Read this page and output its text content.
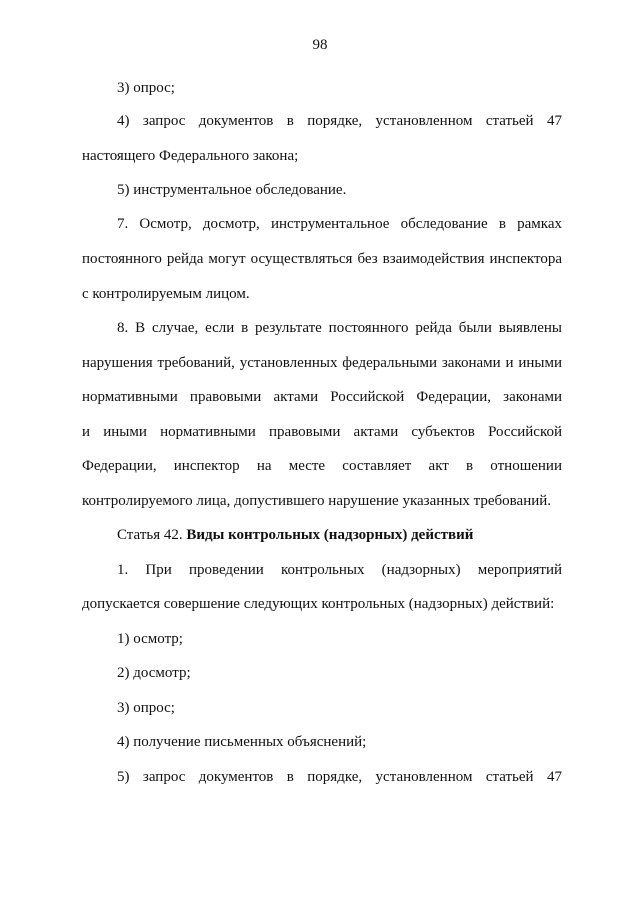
98
3) опрос;
4) запрос документов в порядке, установленном статьей 47
настоящего Федерального закона;
5) инструментальное обследование.
7. Осмотр, досмотр, инструментальное обследование в рамках
постоянного рейда могут осуществляться без взаимодействия инспектора
с контролируемым лицом.
8. В случае, если в результате постоянного рейда были выявлены
нарушения требований, установленных федеральными законами и иными
нормативными правовыми актами Российской Федерации, законами
и иными нормативными правовыми актами субъектов Российской
Федерации, инспектор на месте составляет акт в отношении
контролируемого лица, допустившего нарушение указанных требований.
Статья 42. Виды контрольных (надзорных) действий
1. При проведении контрольных (надзорных) мероприятий
допускается совершение следующих контрольных (надзорных) действий:
1) осмотр;
2) досмотр;
3) опрос;
4) получение письменных объяснений;
5) запрос документов в порядке, установленном статьей 47
